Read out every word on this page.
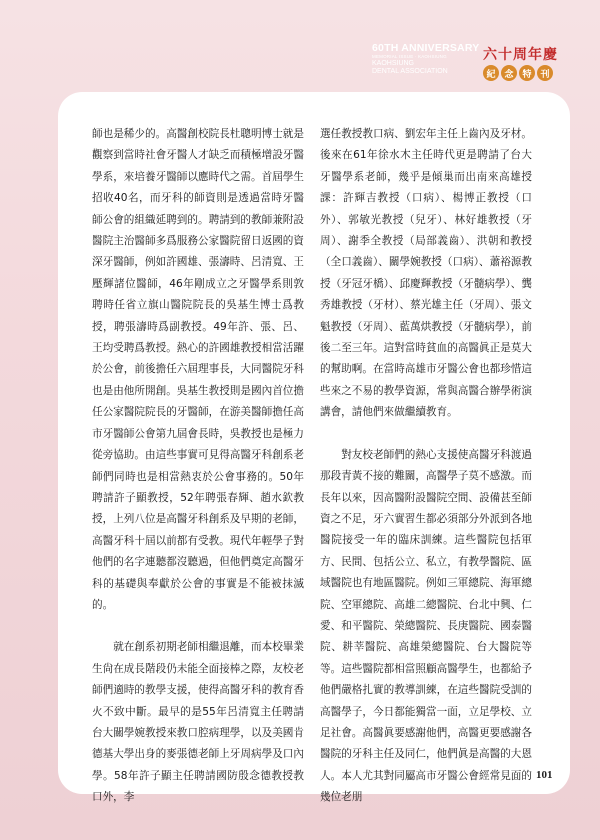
60TH ANNIVERSARY
MEMORIAL ISSUE · KAOHSIUNG
KAOHSIUNG
DENTAL ASSOCIATION
六十周年慶
紀 念 特 刊

師也是稀少的。高醫創校院長杜聰明博士就是觀察到當時社會牙醫人才缺乏而積極增設牙醫學系，來培養牙醫師以應時代之需。首屆學生招收40名，而牙科的師資則是透過當時牙醫師公會的組織延聘到的。聘請到的教師兼附設醫院主治醫師多爲服務公家醫院留日返國的資深牙醫師，例如許國雄、張濤時、呂清寬、王壓輝諸位醫師，46年剛成立之牙醫學系則敦聘時任省立旗山醫院院長的吳基生博士爲教授，聘張濤時爲副教授。49年許、張、呂、王均受聘爲教授。熱心的許國雄教授相當活躍於公會，前後擔任六屆理事長，大同醫院牙科也是由他所開創。吳基生教授則是國內首位擔任公家醫院院長的牙醫師，在游美醫師擔任高市牙醫師公會第九屆會長時，吳教授也是極力從旁協助。由這些事實可見得高醫牙科創系老師們同時也是相當熱衷於公會事務的。50年聘請許子顯教授，52年聘張春輝、趙水欽教授，上列八位是高醫牙科創系及早期的老師，高醫牙科十屆以前都有受教。現代年輕學子對他們的名字連聽都沒聽過，但他們奠定高醫牙科的基礎與奉獻於公會的事實是不能被抹滅的。

就在創系初期老師相繼退離，而本校畢業生尙在成長階段仍未能全面接棒之際，友校老師們適時的教學支援，使得高醫牙科的教育香火不致中斷。最早的是55年呂清寬主任聘請台大關學婉教授來教口腔病理學，以及美國肯德基大學出身的麥張德老師上牙周病學及口內學。58年許子顯主任聘請國防殷念德教授教口外，李

選任教授教口病、劉宏年主任上齒內及牙材。後來在61年徐水木主任時代更是聘請了台大牙醫學系老師，幾乎是傾巢而出南來高雄授課：許輝吉教授（口病）、楊博正教授（口外）、郭敏光教授（兒牙）、林好雄教授（牙周）、謝季全教授（局部義齒）、洪朝和教授（全口義齒）、關學婉教授（口病）、蕭裕源教授（牙冠牙橋）、邱慶輝教授（牙髓病學）、龔秀雄教授（牙材）、蔡光雄主任（牙周）、張文魁教授（牙周）、藍萬烘教授（牙髓病學），前後二至三年。這對當時貧血的高醫眞正是莫大的幫助啊。在當時高雄市牙醫公會也都珍惜這些來之不易的教學資源，常與高醫合辦學術演講會，請他們來做繼續教育。

對友校老師們的熱心支援使高醫牙科渡過那段青黃不接的難關，高醫學子莫不感激。而長年以來，因高醫附設醫院空間、設備甚至師資之不足，牙六實習生都必須部分外派到各地醫院接受一年的臨床訓練。這些醫院包括軍方、民間、包括公立、私立，有教學醫院、區域醫院也有地區醫院。例如三軍總院、海軍總院、空軍總院、高雄二總醫院、台北中興、仁愛、和平醫院、榮總醫院、長庚醫院、國泰醫院、耕莘醫院、高雄榮總醫院、台大醫院等等。這些醫院都相當照顧高醫學生，也都給予他們嚴格扎實的教導訓練，在這些醫院受訓的高醫學子，今日都能獨當一面，立足學校、立足社會。高醫眞要感謝他們，高醫更要感謝各醫院的牙科主任及同仁，他們眞是高醫的大恩人。本人尤其對同屬高市牙醫公會經常見面的幾位老朋

101
